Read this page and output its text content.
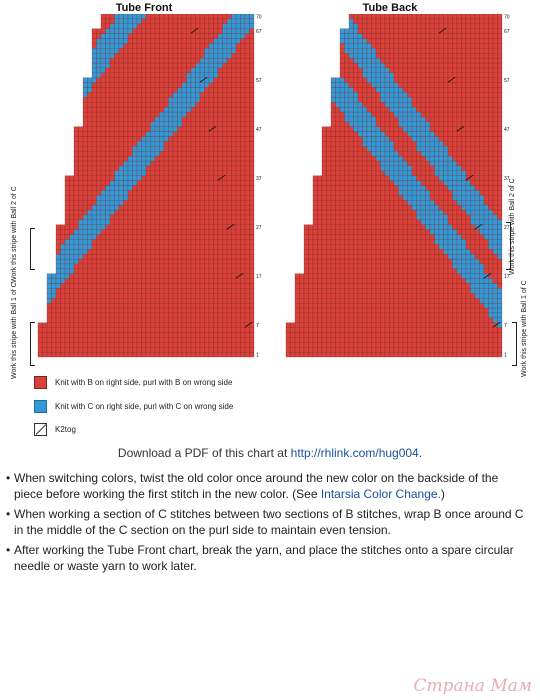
Tube Front	Tube Back
70
67
57
47
37
27
17
7
1
70
67
57
47
37
27
17
7
1
Work this stripe with Ball 2 of C
Work this stripe with Ball 1 of C
Work this stripe with Ball 2 of C
Work this stripe with Ball 1 of C
Knit with B on right side, purl with B on wrong side
Knit with C on right side, purl with C on wrong side
K2tog
Download a PDF of this chart at http://rhlink.com/hug004.
• When switching colors, twist the old color once around the new color on the backside of the piece before working the first stitch in the new color. (See Intarsia Color Change.)
• When working a section of C stitches between two sections of B stitches, wrap B once around C in the middle of the C section on the purl side to maintain even tension.
• After working the Tube Front chart, break the yarn, and place the stitches onto a spare circular needle or waste yarn to work later.
Страна Мам
